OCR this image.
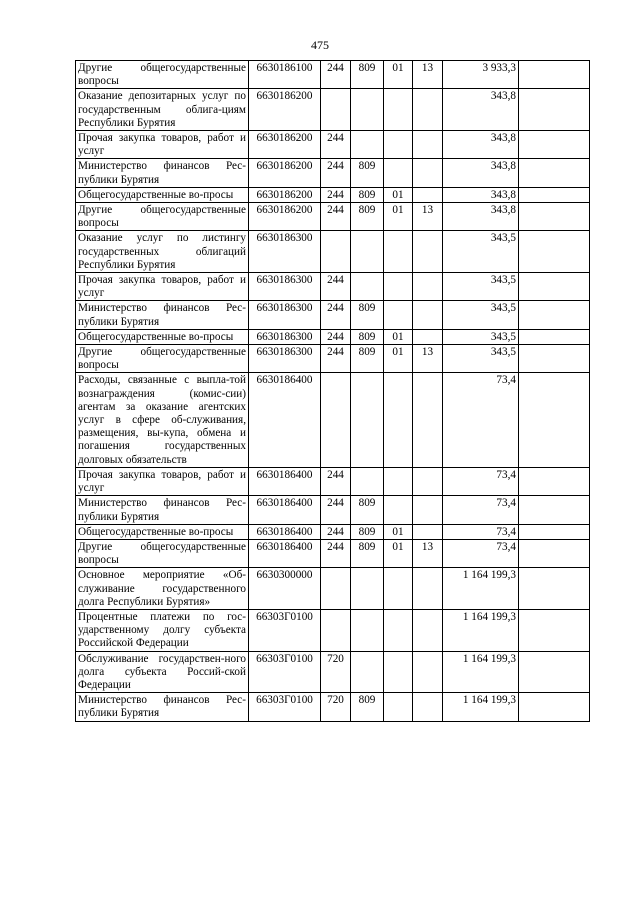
475
Другие общегосударственные вопросы	6630186100	244	809	01	13	3 933,3	
Оказание депозитарных услуг по государственным облига-циям Республики Бурятия	6630186200					343,8	
Прочая закупка товаров, работ и услуг	6630186200	244				343,8	
Министерство финансов Рес-публики Бурятия	6630186200	244	809			343,8	
Общегосударственные во-просы	6630186200	244	809	01		343,8	
Другие общегосударственные вопросы	6630186200	244	809	01	13	343,8	
Оказание услуг по листингу государственных облигаций Республики Бурятия	6630186300					343,5	
Прочая закупка товаров, работ и услуг	6630186300	244				343,5	
Министерство финансов Рес-публики Бурятия	6630186300	244	809			343,5	
Общегосударственные во-просы	6630186300	244	809	01		343,5	
Другие общегосударственные вопросы	6630186300	244	809	01	13	343,5	
Расходы, связанные с выпла-той вознаграждения (комис-сии) агентам за оказание агентских услуг в сфере об-служивания, размещения, вы-купа, обмена и погашения государственных долговых обязательств	6630186400					73,4	
Прочая закупка товаров, работ и услуг	6630186400	244				73,4	
Министерство финансов Рес-публики Бурятия	6630186400	244	809			73,4	
Общегосударственные во-просы	6630186400	244	809	01		73,4	
Другие общегосударственные вопросы	6630186400	244	809	01	13	73,4	
Основное мероприятие «Об-служивание государственного долга Республики Бурятия»	6630300000					1 164 199,3	
Процентные платежи по гос-ударственному долгу субъекта Российской Федерации	66303Г0100					1 164 199,3	
Обслуживание государствен-ного долга субъекта Россий-ской Федерации	66303Г0100	720				1 164 199,3	
Министерство финансов Рес-публики Бурятия	66303Г0100	720	809			1 164 199,3	
